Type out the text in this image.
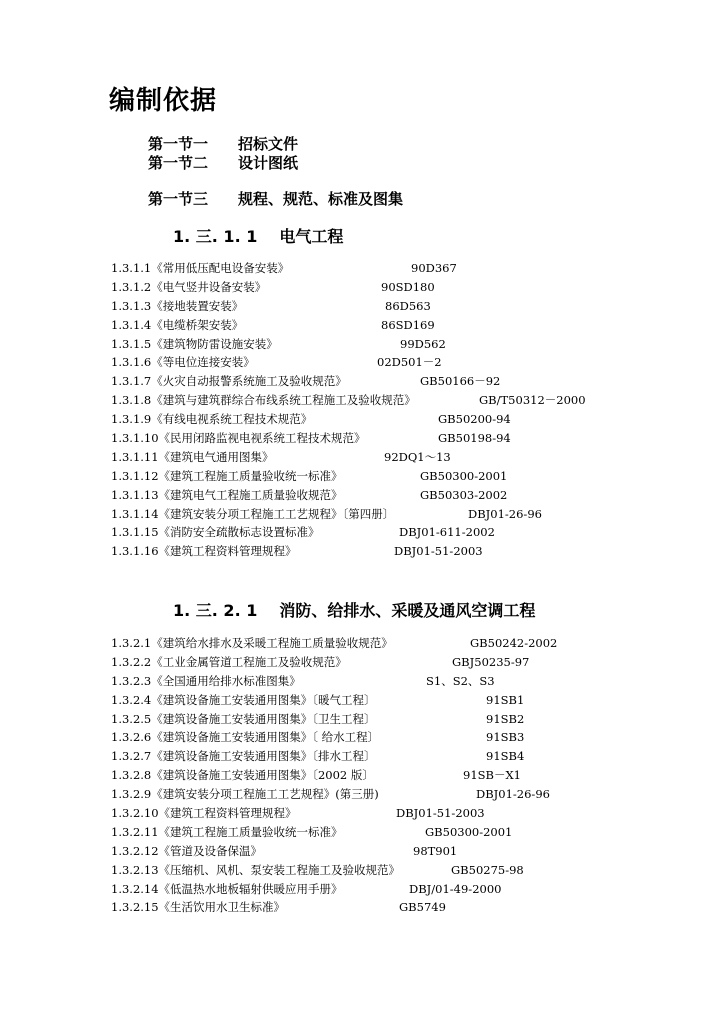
编制依据
第一节一 招标文件
第一节二 设计图纸
第一节三 规程、规范、标准及图集
1. 三. 1. 1 电气工程
1.3.1.1《常用低压配电设备安装》	90D367
1.3.1.2《电气竖井设备安装》	90SD180
1.3.1.3《接地装置安装》	86D563
1.3.1.4《电缆桥架安装》	86SD169
1.3.1.5《建筑物防雷设施安装》	99D562
1.3.1.6《等电位连接安装》	02D501－2
1.3.1.7《火灾自动报警系统施工及验收规范》	GB50166－92
1.3.1.8《建筑与建筑群综合布线系统工程施工及验收规范》	GB/T50312－2000
1.3.1.9《有线电视系统工程技术规范》	GB50200-94
1.3.1.10《民用闭路监视电视系统工程技术规范》	GB50198-94
1.3.1.11《建筑电气通用图集》	92DQ1～13
1.3.1.12《建筑工程施工质量验收统一标准》	GB50300-2001
1.3.1.13《建筑电气工程施工质量验收规范》	GB50303-2002
1.3.1.14《建筑安装分项工程施工工艺规程》〔第四册〕	DBJ01-26-96
1.3.1.15《消防安全疏散标志设置标准》	DBJ01-611-2002
1.3.1.16《建筑工程资料管理规程》	DBJ01-51-2003
1. 三. 2. 1 消防、给排水、采暖及通风空调工程
1.3.2.1《建筑给水排水及采暖工程施工质量验收规范》	GB50242-2002
1.3.2.2《工业金属管道工程施工及验收规范》	GBJ50235-97
1.3.2.3《全国通用给排水标准图集》	S1、S2、S3
1.3.2.4《建筑设备施工安装通用图集》〔暖气工程〕	91SB1
1.3.2.5《建筑设备施工安装通用图集》〔卫生工程〕	91SB2
1.3.2.6《建筑设备施工安装通用图集》〔 给水工程〕	91SB3
1.3.2.7《建筑设备施工安装通用图集》〔排水工程〕	91SB4
1.3.2.8《建筑设备施工安装通用图集》〔2002 版〕	91SB－X1
1.3.2.9《建筑安装分项工程施工工艺规程》(第三册)	DBJ01-26-96
1.3.2.10《建筑工程资料管理规程》	DBJ01-51-2003
1.3.2.11《建筑工程施工质量验收统一标准》	GB50300-2001
1.3.2.12《管道及设备保温》	98T901
1.3.2.13《压缩机、风机、泵安装工程施工及验收规范》	GB50275-98
1.3.2.14《低温热水地板辐射供暖应用手册》	DBJ/01-49-2000
1.3.2.15《生活饮用水卫生标准》	GB5749
